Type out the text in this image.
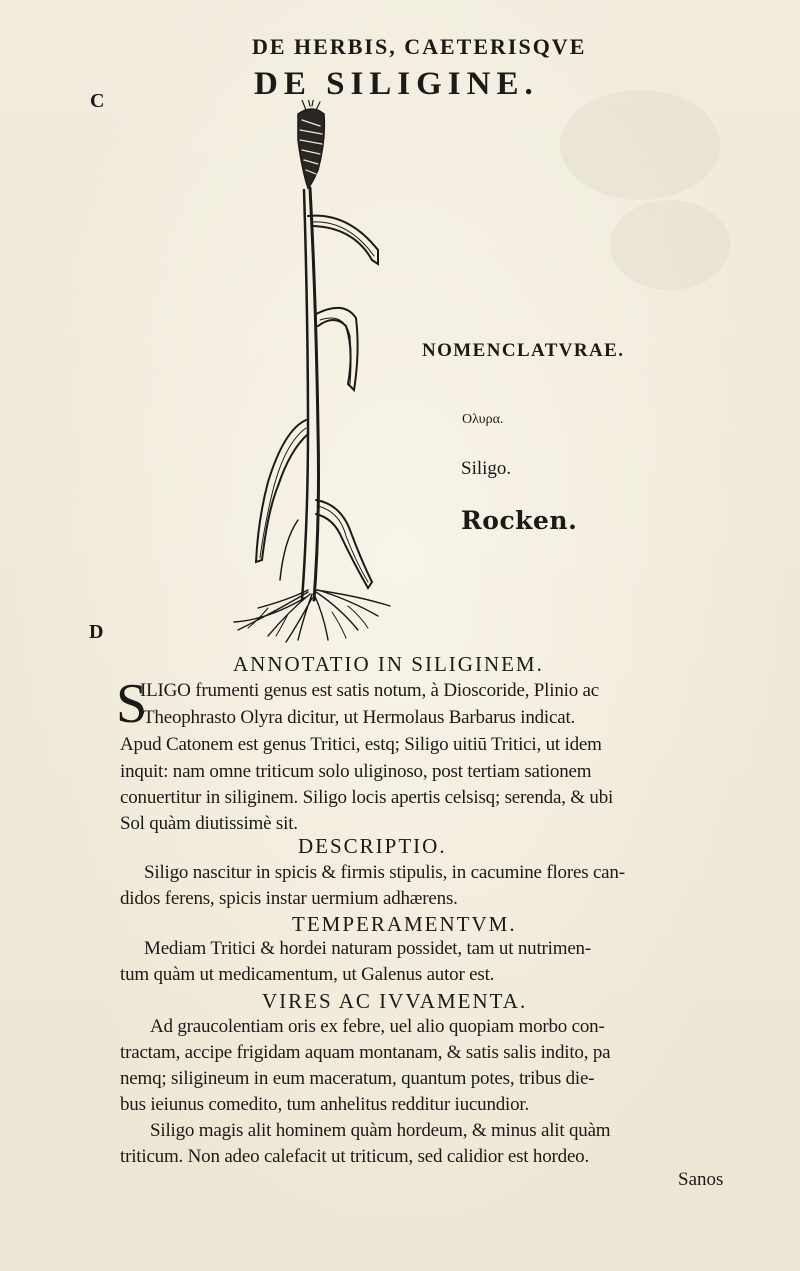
DE HERBIS, CAETERISQVE
DE SILIGINE.
C
D
NOMENCLATVRAE.
Ολυρα.
Siligo.
Rocken.
ANNOTATIO IN SILIGINEM.
S
ILIGO frumenti genus est satis notum, à Dioscoride, Plinio ac
Theophrasto Olyra dicitur, ut Hermolaus Barbarus indicat.
Apud Catonem est genus Tritici, estq; Siligo uitiū Tritici, ut idem
inquit: nam omne triticum solo uliginoso, post tertiam sationem
conuertitur in siliginem. Siligo locis apertis celsisq; serenda, & ubi
Sol quàm diutissimè sit.
DESCRIPTIO.
Siligo nascitur in spicis & firmis stipulis, in cacumine flores can-
didos ferens, spicis instar uermium adhærens.
TEMPERAMENTVM.
Mediam Tritici & hordei naturam possidet, tam ut nutrimen-
tum quàm ut medicamentum, ut Galenus autor est.
VIRES AC IVVAMENTA.
Ad graucolentiam oris ex febre, uel alio quopiam morbo con-
tractam, accipe frigidam aquam montanam, & satis salis indito, pa
nemq; siligineum in eum maceratum, quantum potes, tribus die-
bus ieiunus comedito, tum anhelitus redditur iucundior.
Siligo magis alit hominem quàm hordeum, & minus alit quàm
triticum. Non adeo calefacit ut triticum, sed calidior est hordeo.
Sanos
